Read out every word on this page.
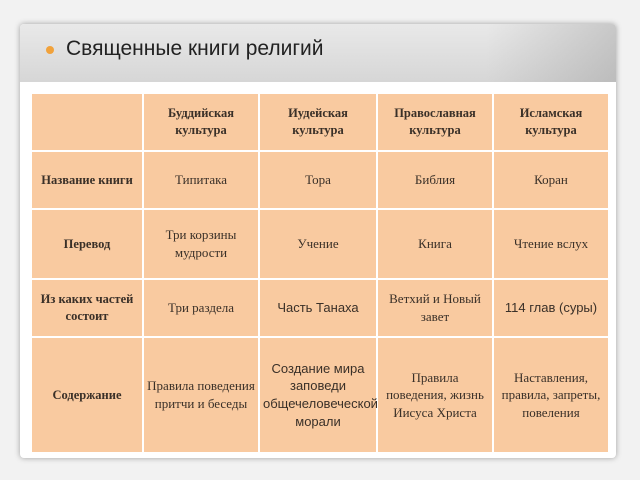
Священные книги религий
	Буддийская культура	Иудейская культура	Православная культура	Исламская культура
Название книги	Типитака	Тора	Библия	Коран
Перевод	Три корзины мудрости	Учение	Книга	Чтение вслух
Из каких частей состоит	Три раздела	Часть Танаха	Ветхий и Новый завет	114 глав (суры)
Содержание	Правила поведения притчи и беседы	Создание мира заповеди общечеловеческой морали	Правила поведения, жизнь Иисуса Христа	Наставления, правила, запреты, повеления
